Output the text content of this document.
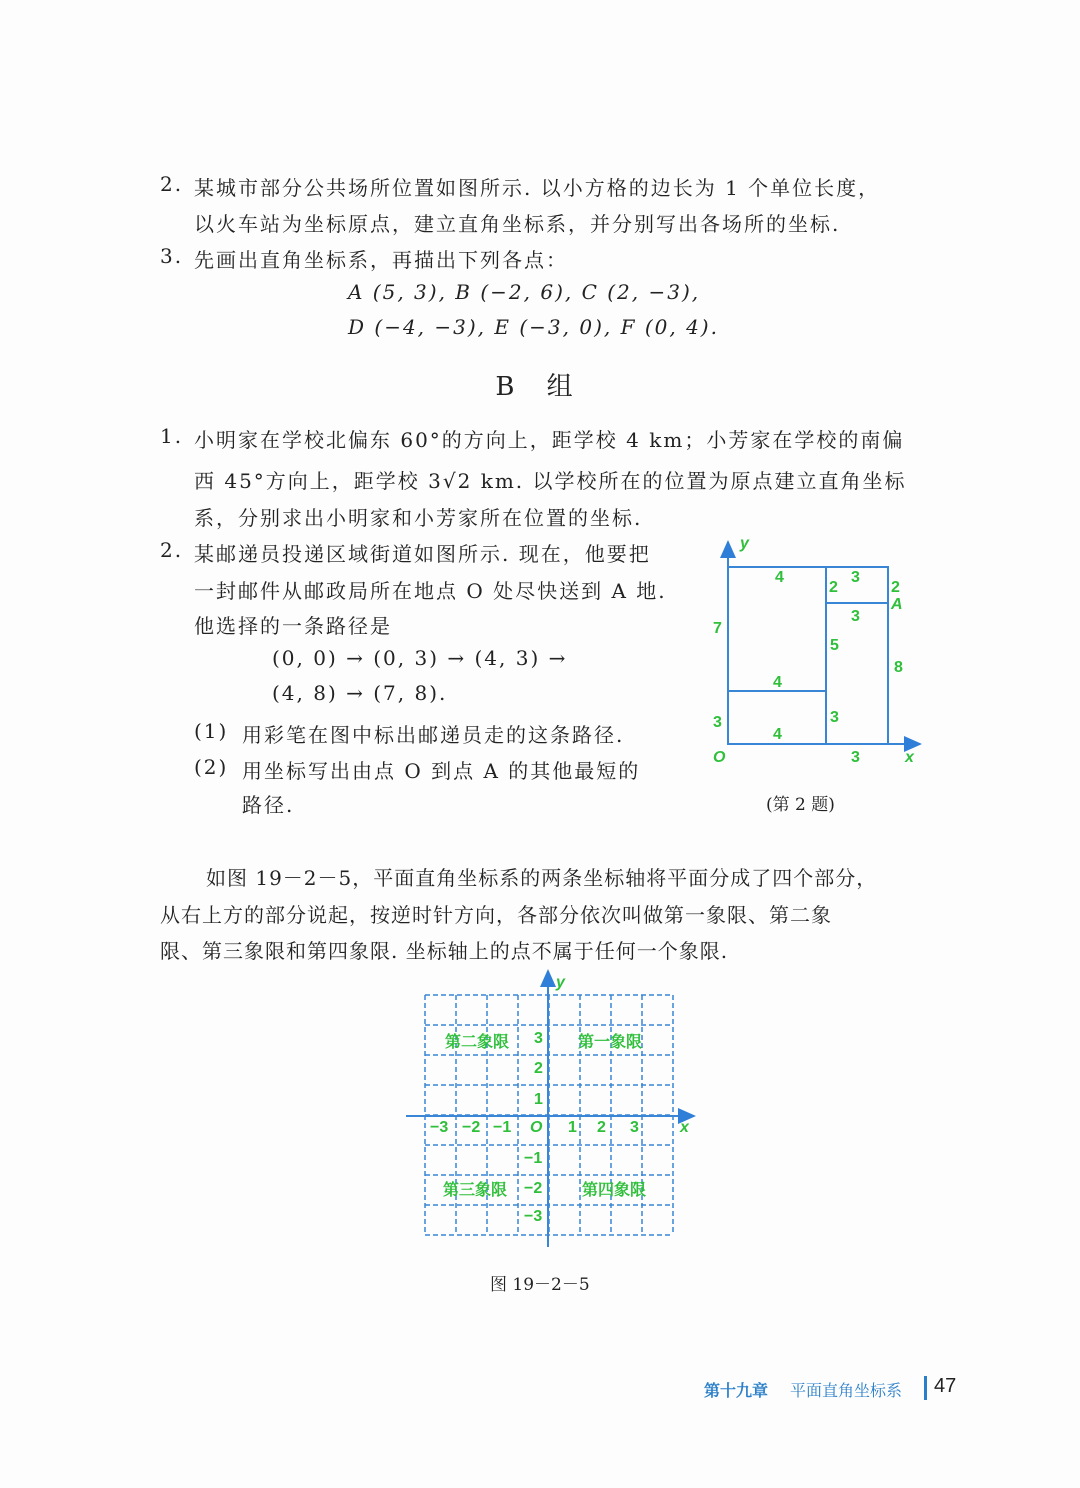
2. 某城市部分公共场所位置如图所示. 以小方格的边长为 1 个单位长度，
以火车站为坐标原点，建立直角坐标系，并分别写出各场所的坐标.
3. 先画出直角坐标系，再描出下列各点：
A (5, 3), B (−2, 6), C (2, −3),
D (−4, −3), E (−3, 0), F (0, 4).
B 组
1. 小明家在学校北偏东 60°的方向上，距学校 4 km；小芳家在学校的南偏
西 45°方向上，距学校 3√2 km. 以学校所在的位置为原点建立直角坐标
系，分别求出小明家和小芳家所在位置的坐标.
2. 某邮递员投递区域街道如图所示. 现在，他要把
一封邮件从邮政局所在地点 O 处尽快送到 A 地.
他选择的一条路径是
(0, 0) → (0, 3) → (4, 3) →
(4, 8) → (7, 8).
(1) 用彩笔在图中标出邮递员走的这条路径.
(2) 用坐标写出由点 O 到点 A 的其他最短的
路径.
y
4	3
2	2
3
7
5
8
4
3	3
4
3
A
O	x
(第 2 题)
如图 19－2－5，平面直角坐标系的两条坐标轴将平面分成了四个部分，
从右上方的部分说起，按逆时针方向，各部分依次叫做第一象限、第二象
限、第三象限和第四象限. 坐标轴上的点不属于任何一个象限.
y
x
O
−3 −2 −1	1 2 3
3
2
1
−1
−2
−3
第一象限
第二象限
第三象限	第四象限
图 19－2－5
第十九章 平面直角坐标系 47
